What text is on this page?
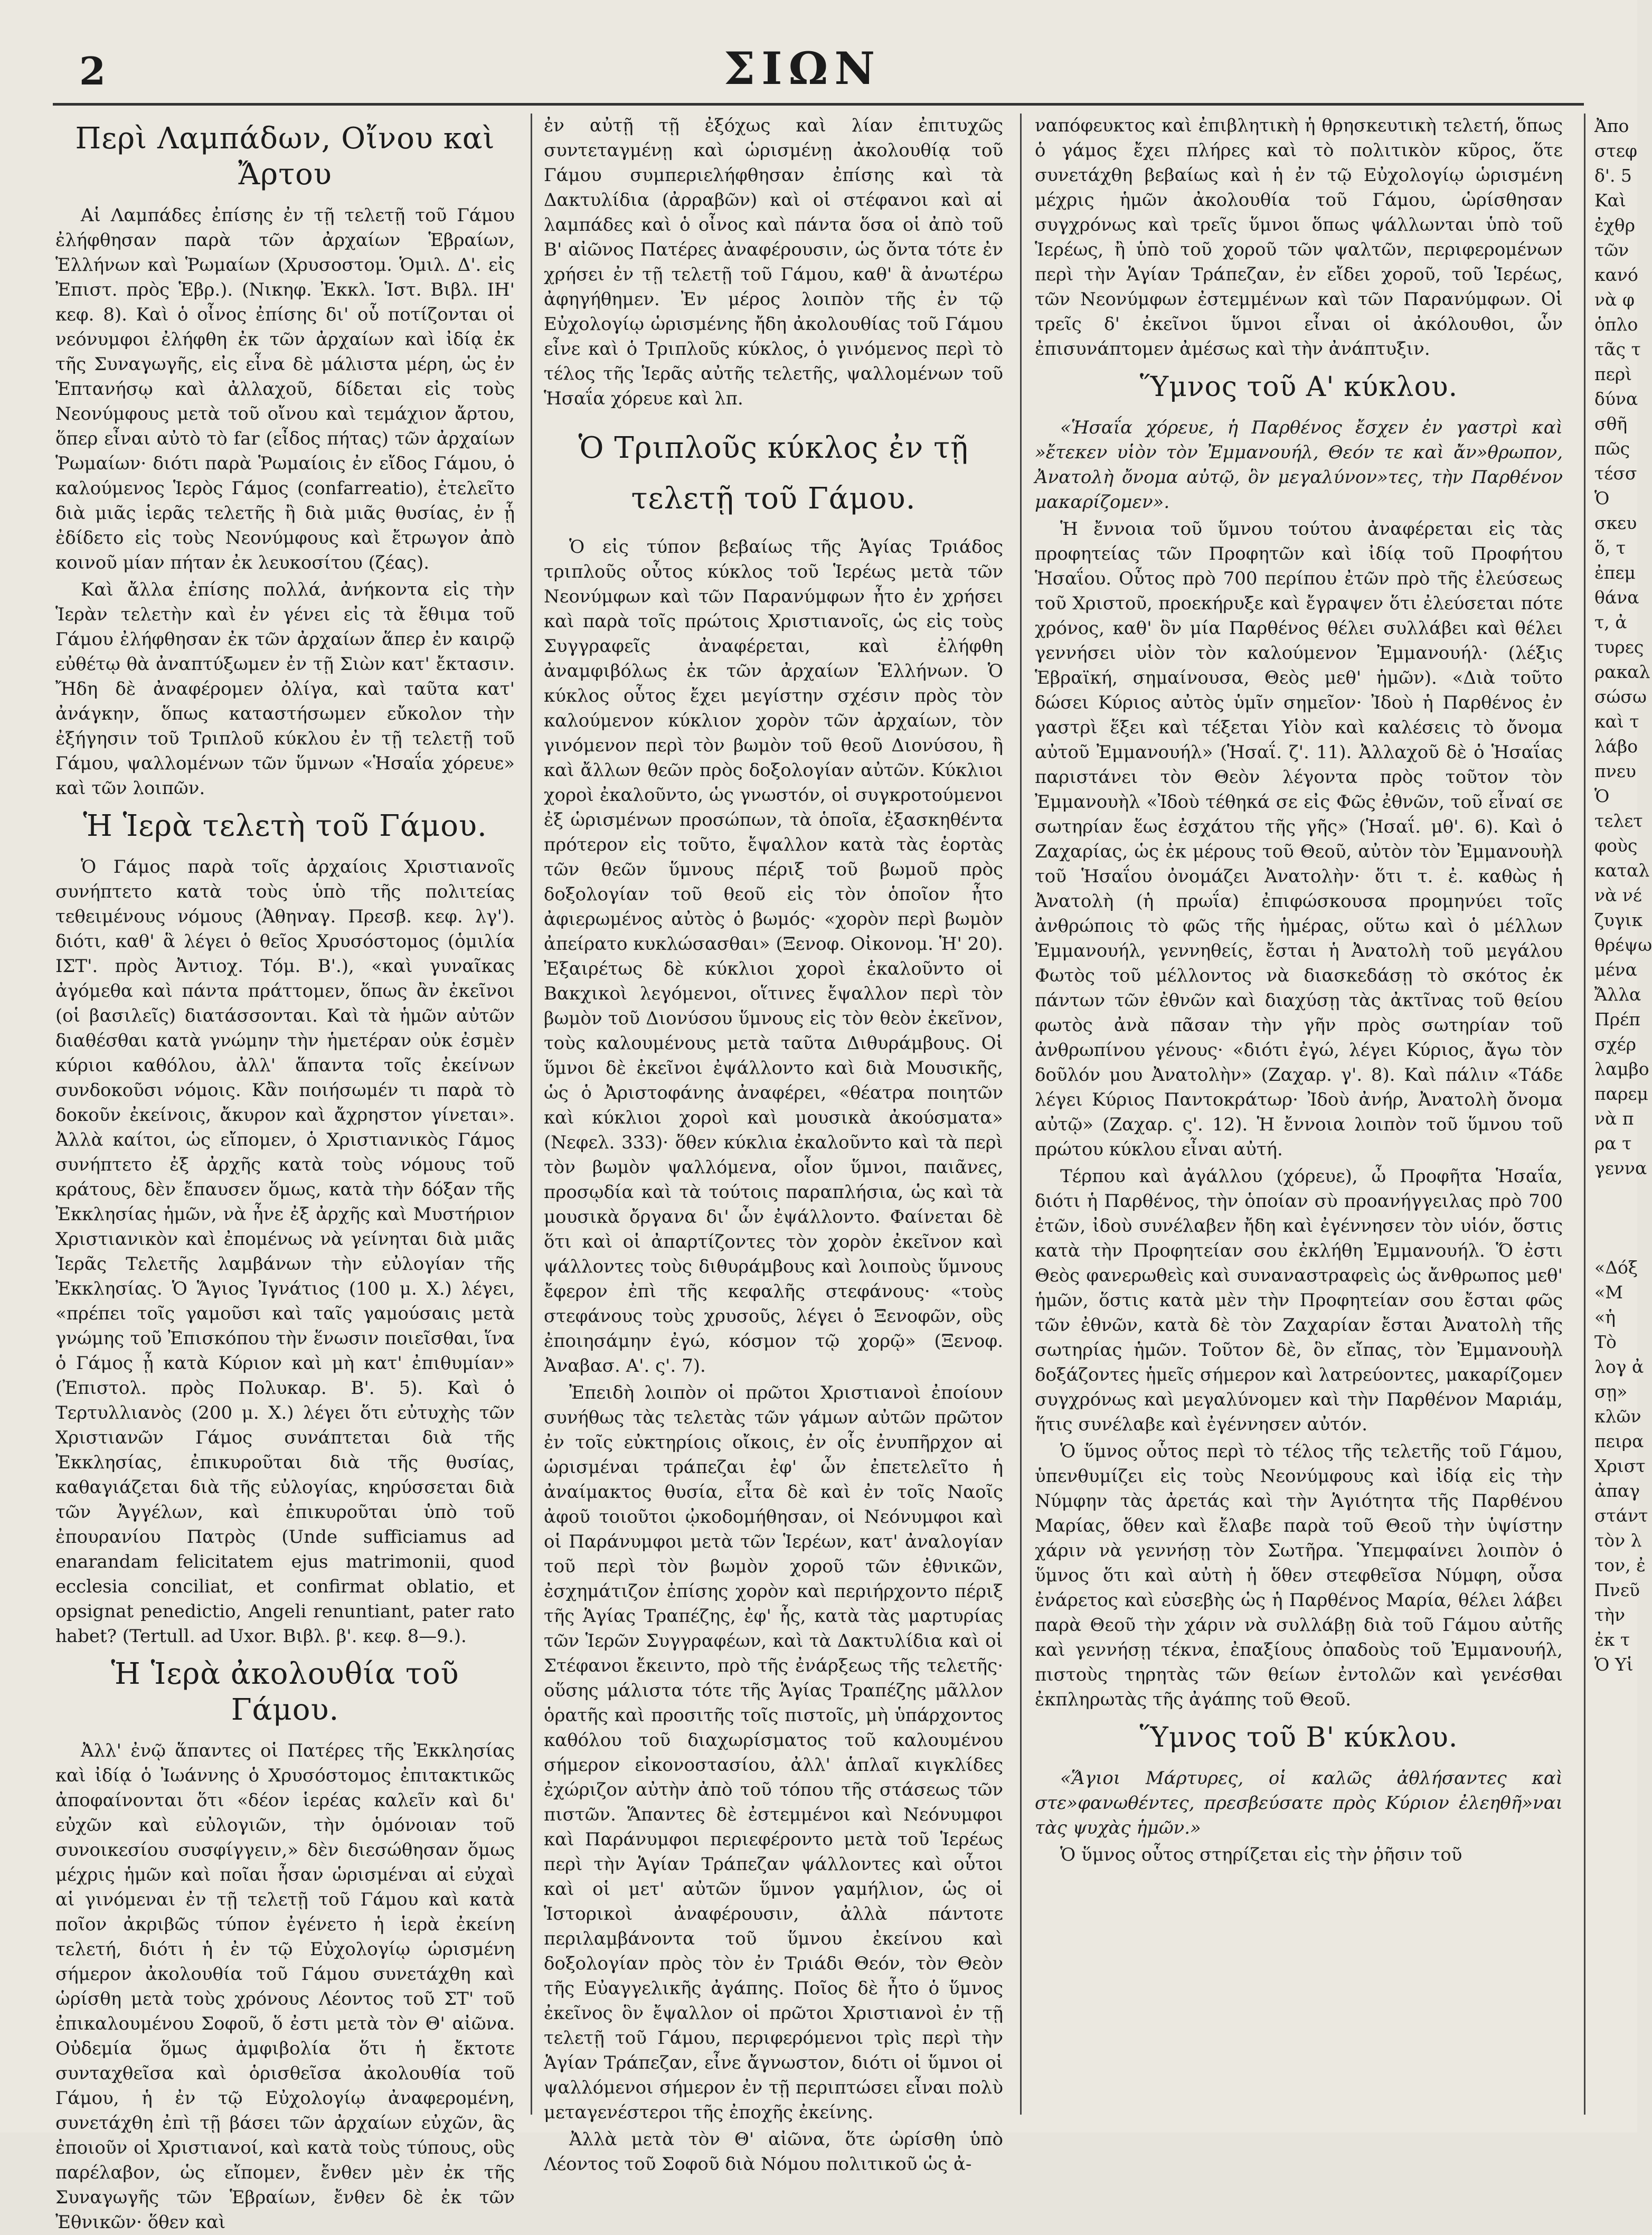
2	ΣΙΩΝ
Περὶ Λαμπάδων, Οἴνου καὶ Ἄρτου

Αἱ Λαμπάδες ἐπίσης ἐν τῇ τελετῇ τοῦ Γάμου ἐλήφθησαν παρὰ τῶν ἀρχαίων Ἑβραίων, Ἑλλήνων καὶ Ῥωμαίων (Χρυσοστομ. Ὁμιλ. Δ'. εἰς Ἐπιστ. πρὸς Ἑβρ.). (Νικηφ. Ἐκκλ. Ἱστ. Βιβλ. ΙΗ' κεφ. 8). Καὶ ὁ οἶνος ἐπίσης δι' οὗ ποτίζονται οἱ νεόνυμφοι ἐλήφθη ἐκ τῶν ἀρχαίων καὶ ἰδίᾳ ἐκ τῆς Συναγωγῆς, εἰς εἶνα δὲ μάλιστα μέρη, ὡς ἐν Ἑπτανήσῳ καὶ ἀλλαχοῦ, δίδεται εἰς τοὺς Νεονύμφους μετὰ τοῦ οἴνου καὶ τεμάχιον ἄρτου, ὅπερ εἶναι αὐτὸ τὸ far (εἶδος πήτας) τῶν ἀρχαίων Ῥωμαίων· διότι παρὰ Ῥωμαίοις ἐν εἴδος Γάμου, ὁ καλούμενος Ἱερὸς Γάμος (confarreatio), ἐτελεῖτο διὰ μιᾶς ἱερᾶς τελετῆς ἢ διὰ μιᾶς θυσίας, ἐν ᾗ ἐδίδετο εἰς τοὺς Νεονύμφους καὶ ἔτρωγον ἀπὸ κοινοῦ μίαν πήταν ἐκ λευκοσίτου (ζέας).

Καὶ ἄλλα ἐπίσης πολλά, ἀνήκοντα εἰς τὴν Ἱερὰν τελετὴν καὶ ἐν γένει εἰς τὰ ἔθιμα τοῦ Γάμου ἐλήφθησαν ἐκ τῶν ἀρχαίων ἅπερ ἐν καιρῷ εὐθέτῳ θὰ ἀναπτύξωμεν ἐν τῇ Σιὼν κατ' ἔκτασιν. Ἤδη δὲ ἀναφέρομεν ὀλίγα, καὶ ταῦτα κατ' ἀνάγκην, ὅπως καταστήσωμεν εὔκολον τὴν ἐξήγησιν τοῦ Τριπλοῦ κύκλου ἐν τῇ τελετῇ τοῦ Γάμου, ψαλλομένων τῶν ὕμνων «Ἡσαΐα χόρευε» καὶ τῶν λοιπῶν.

Ἡ Ἱερὰ τελετὴ τοῦ Γάμου.

Ὁ Γάμος παρὰ τοῖς ἀρχαίοις Χριστιανοῖς συνήπτετο κατὰ τοὺς ὑπὸ τῆς πολιτείας τεθειμένους νόμους (Ἀθηναγ. Πρεσβ. κεφ. λγ'). διότι, καθ' ἃ λέγει ὁ θεῖος Χρυσόστομος (ὁμιλία ΙΣΤ'. πρὸς Ἀντιοχ. Τόμ. Β'.), «καὶ γυναῖκας ἀγόμεθα καὶ πάντα πράττομεν, ὅπως ἂν ἐκεῖνοι (οἱ βασιλεῖς) διατάσσονται. Καὶ τὰ ἡμῶν αὐτῶν διαθέσθαι κατὰ γνώμην τὴν ἡμετέραν οὐκ ἐσμὲν κύριοι καθόλου, ἀλλ' ἅπαντα τοῖς ἐκείνων συνδοκοῦσι νόμοις. Κἂν ποιήσωμέν τι παρὰ τὸ δοκοῦν ἐκείνοις, ἄκυρον καὶ ἄχρηστον γίνεται». Ἀλλὰ καίτοι, ὡς εἴπομεν, ὁ Χριστιανικὸς Γάμος συνήπτετο ἐξ ἀρχῆς κατὰ τοὺς νόμους τοῦ κράτους, δὲν ἔπαυσεν ὅμως, κατὰ τὴν δόξαν τῆς Ἐκκλησίας ἡμῶν, νὰ ἦνε ἐξ ἀρχῆς καὶ Μυστήριον Χριστιανικὸν καὶ ἐπομένως νὰ γείνηται διὰ μιᾶς Ἱερᾶς Τελετῆς λαμβάνων τὴν εὐλογίαν τῆς Ἐκκλησίας. Ὁ Ἅγιος Ἰγνάτιος (100 μ. Χ.) λέγει, «πρέπει τοῖς γαμοῦσι καὶ ταῖς γαμούσαις μετὰ γνώμης τοῦ Ἐπισκόπου τὴν ἕνωσιν ποιεῖσθαι, ἵνα ὁ Γάμος ᾖ κατὰ Κύριον καὶ μὴ κατ' ἐπιθυμίαν» (Ἐπιστολ. πρὸς Πολυκαρ. Β'. 5). Καὶ ὁ Τερτυλλιανὸς (200 μ. Χ.) λέγει ὅτι εὐτυχὴς τῶν Χριστιανῶν Γάμος συνάπτεται διὰ τῆς Ἐκκλησίας, ἐπικυροῦται διὰ τῆς θυσίας, καθαγιάζεται διὰ τῆς εὐλογίας, κηρύσσεται διὰ τῶν Ἀγγέλων, καὶ ἐπικυροῦται ὑπὸ τοῦ ἐπουρανίου Πατρὸς (Unde sufficiamus ad enarandam felicitatem ejus matrimonii, quod ecclesia conciliat, et confirmat oblatio, et opsignat penedictio, Angeli renuntiant, pater rato habet? (Tertull. ad Uxor. Βιβλ. β'. κεφ. 8—9.).

Ἡ Ἱερὰ ἀκολουθία τοῦ Γάμου.

Ἀλλ' ἐνῷ ἅπαντες οἱ Πατέρες τῆς Ἐκκλησίας καὶ ἰδίᾳ ὁ Ἰωάννης ὁ Χρυσόστομος ἐπιτακτικῶς ἀποφαίνονται ὅτι «δέον ἱερέας καλεῖν καὶ δι' εὐχῶν καὶ εὐλογιῶν, τὴν ὁμόνοιαν τοῦ συνοικεσίου συσφίγγειν,» δὲν διεσώθησαν ὅμως μέχρις ἡμῶν καὶ ποῖαι ἦσαν ὡρισμέναι αἱ εὐχαὶ αἱ γινόμεναι ἐν τῇ τελετῇ τοῦ Γάμου καὶ κατὰ ποῖον ἀκριβῶς τύπον ἐγένετο ἡ ἱερὰ ἐκείνη τελετή, διότι ἡ ἐν τῷ Εὐχολογίῳ ὡρισμένη σήμερον ἀκολουθία τοῦ Γάμου συνετάχθη καὶ ὡρίσθη μετὰ τοὺς χρόνους Λέοντος τοῦ ΣΤ' τοῦ ἐπικαλουμένου Σοφοῦ, ὅ ἐστι μετὰ τὸν Θ' αἰῶνα. Οὐδεμία ὅμως ἀμφιβολία ὅτι ἡ ἔκτοτε συνταχθεῖσα καὶ ὁρισθεῖσα ἀκολουθία τοῦ Γάμου, ἡ ἐν τῷ Εὐχολογίῳ ἀναφερομένη, συνετάχθη ἐπὶ τῇ βάσει τῶν ἀρχαίων εὐχῶν, ἃς ἐποιοῦν οἱ Χριστιανοί, καὶ κατὰ τοὺς τύπους, οὓς παρέλαβον, ὡς εἴπομεν, ἔνθεν μὲν ἐκ τῆς Συναγωγῆς τῶν Ἑβραίων, ἔνθεν δὲ ἐκ τῶν Ἐθνικῶν· ὅθεν καὶ

ἐν αὐτῇ τῇ ἐξόχως καὶ λίαν ἐπιτυχῶς συντεταγμένῃ καὶ ὡρισμένῃ ἀκολουθίᾳ τοῦ Γάμου συμπεριελήφθησαν ἐπίσης καὶ τὰ Δακτυλίδια (ἀρραβῶν) καὶ οἱ στέφανοι καὶ αἱ λαμπάδες καὶ ὁ οἶνος καὶ πάντα ὅσα οἱ ἀπὸ τοῦ Β' αἰῶνος Πατέρες ἀναφέρουσιν, ὡς ὄντα τότε ἐν χρήσει ἐν τῇ τελετῇ τοῦ Γάμου, καθ' ἃ ἀνωτέρω ἀφηγήθημεν. Ἐν μέρος λοιπὸν τῆς ἐν τῷ Εὐχολογίῳ ὡρισμένης ἤδη ἀκολουθίας τοῦ Γάμου εἶνε καὶ ὁ Τριπλοῦς κύκλος, ὁ γινόμενος περὶ τὸ τέλος τῆς Ἱερᾶς αὐτῆς τελετῆς, ψαλλομένων τοῦ Ἡσαΐα χόρευε καὶ λπ.

Ὁ Τριπλοῦς κύκλος ἐν τῇ τελετῇ τοῦ Γάμου.

Ὁ εἰς τύπον βεβαίως τῆς Ἁγίας Τριάδος τριπλοῦς οὗτος κύκλος τοῦ Ἱερέως μετὰ τῶν Νεονύμφων καὶ τῶν Παρανύμφων ἦτο ἐν χρήσει καὶ παρὰ τοῖς πρώτοις Χριστιανοῖς, ὡς εἰς τοὺς Συγγραφεῖς ἀναφέρεται, καὶ ἐλήφθη ἀναμφιβόλως ἐκ τῶν ἀρχαίων Ἑλλήνων. Ὁ κύκλος οὗτος ἔχει μεγίστην σχέσιν πρὸς τὸν καλούμενον κύκλιον χορὸν τῶν ἀρχαίων, τὸν γινόμενον περὶ τὸν βωμὸν τοῦ θεοῦ Διονύσου, ἢ καὶ ἄλλων θεῶν πρὸς δοξολογίαν αὐτῶν. Κύκλιοι χοροὶ ἐκαλοῦντο, ὡς γνωστόν, οἱ συγκροτούμενοι ἐξ ὡρισμένων προσώπων, τὰ ὁποῖα, ἐξασκηθέντα πρότερον εἰς τοῦτο, ἔψαλλον κατὰ τὰς ἑορτὰς τῶν θεῶν ὕμνους πέριξ τοῦ βωμοῦ πρὸς δοξολογίαν τοῦ θεοῦ εἰς τὸν ὁποῖον ἦτο ἀφιερωμένος αὐτὸς ὁ βωμός· «χορὸν περὶ βωμὸν ἀπείρατο κυκλώσασθαι» (Ξενοφ. Οἰκονομ. Ἡ' 20). Ἐξαιρέτως δὲ κύκλιοι χοροὶ ἐκαλοῦντο οἱ Βακχικοὶ λεγόμενοι, οἵτινες ἔψαλλον περὶ τὸν βωμὸν τοῦ Διονύσου ὕμνους εἰς τὸν θεὸν ἐκεῖνον, τοὺς καλουμένους μετὰ ταῦτα Διθυράμβους. Οἱ ὕμνοι δὲ ἐκεῖνοι ἐψάλλοντο καὶ διὰ Μουσικῆς, ὡς ὁ Ἀριστοφάνης ἀναφέρει, «θέατρα ποιητῶν καὶ κύκλιοι χοροὶ καὶ μουσικὰ ἀκούσματα» (Νεφελ. 333)· ὅθεν κύκλια ἐκαλοῦντο καὶ τὰ περὶ τὸν βωμὸν ψαλλόμενα, οἷον ὕμνοι, παιᾶνες, προσῳδία καὶ τὰ τούτοις παραπλήσια, ὡς καὶ τὰ μουσικὰ ὄργανα δι' ὧν ἐψάλλοντο. Φαίνεται δὲ ὅτι καὶ οἱ ἀπαρτίζοντες τὸν χορὸν ἐκεῖνον καὶ ψάλλοντες τοὺς διθυράμβους καὶ λοιποὺς ὕμνους ἔφερον ἐπὶ τῆς κεφαλῆς στεφάνους· «τοὺς στεφάνους τοὺς χρυσοῦς, λέγει ὁ Ξενοφῶν, οὓς ἐποιησάμην ἐγώ, κόσμον τῷ χορῷ» (Ξενοφ. Ἀναβασ. Α'. ς'. 7).

Ἐπειδὴ λοιπὸν οἱ πρῶτοι Χριστιανοὶ ἐποίουν συνήθως τὰς τελετὰς τῶν γάμων αὐτῶν πρῶτον ἐν τοῖς εὐκτηρίοις οἴκοις, ἐν οἷς ἐνυπῆρχον αἱ ὡρισμέναι τράπεζαι ἐφ' ὧν ἐπετελεῖτο ἡ ἀναίμακτος θυσία, εἶτα δὲ καὶ ἐν τοῖς Ναοῖς ἀφοῦ τοιοῦτοι ᾠκοδομήθησαν, οἱ Νεόνυμφοι καὶ οἱ Παράνυμφοι μετὰ τῶν Ἱερέων, κατ' ἀναλογίαν τοῦ περὶ τὸν βωμὸν χοροῦ τῶν ἐθνικῶν, ἐσχημάτιζον ἐπίσης χορὸν καὶ περιήρχοντο πέριξ τῆς Ἁγίας Τραπέζης, ἐφ' ἧς, κατὰ τὰς μαρτυρίας τῶν Ἱερῶν Συγγραφέων, καὶ τὰ Δακτυλίδια καὶ οἱ Στέφανοι ἔκειντο, πρὸ τῆς ἐνάρξεως τῆς τελετῆς· οὕσης μάλιστα τότε τῆς Ἁγίας Τραπέζης μᾶλλον ὁρατῆς καὶ προσιτῆς τοῖς πιστοῖς, μὴ ὑπάρχοντος καθόλου τοῦ διαχωρίσματος τοῦ καλουμένου σήμερον εἰκονοστασίου, ἀλλ' ἁπλαῖ κιγκλίδες ἐχώριζον αὐτὴν ἀπὸ τοῦ τόπου τῆς στάσεως τῶν πιστῶν. Ἅπαντες δὲ ἐστεμμένοι καὶ Νεόνυμφοι καὶ Παράνυμφοι περιεφέροντο μετὰ τοῦ Ἱερέως περὶ τὴν Ἁγίαν Τράπεζαν ψάλλοντες καὶ οὗτοι καὶ οἱ μετ' αὐτῶν ὕμνον γαμήλιον, ὡς οἱ Ἱστορικοὶ ἀναφέρουσιν, ἀλλὰ πάντοτε περιλαμβάνοντα τοῦ ὕμνου ἐκείνου καὶ δοξολογίαν πρὸς τὸν ἐν Τριάδι Θεόν, τὸν Θεὸν τῆς Εὐαγγελικῆς ἀγάπης. Ποῖος δὲ ἦτο ὁ ὕμνος ἐκεῖνος ὃν ἔψαλλον οἱ πρῶτοι Χριστιανοὶ ἐν τῇ τελετῇ τοῦ Γάμου, περιφερόμενοι τρὶς περὶ τὴν Ἁγίαν Τράπεζαν, εἶνε ἄγνωστον, διότι οἱ ὕμνοι οἱ ψαλλόμενοι σήμερον ἐν τῇ περιπτώσει εἶναι πολὺ μεταγενέστεροι τῆς ἐποχῆς ἐκείνης.

Ἀλλὰ μετὰ τὸν Θ' αἰῶνα, ὅτε ὡρίσθη ὑπὸ Λέοντος τοῦ Σοφοῦ διὰ Νόμου πολιτικοῦ ὡς ἀ-

ναπόφευκτος καὶ ἐπιβλητικὴ ἡ θρησκευτικὴ τελετή, ὅπως ὁ γάμος ἔχει πλήρες καὶ τὸ πολιτικὸν κῦρος, ὅτε συνετάχθη βεβαίως καὶ ἡ ἐν τῷ Εὐχολογίῳ ὡρισμένη μέχρις ἡμῶν ἀκολουθία τοῦ Γάμου, ὡρίσθησαν συγχρόνως καὶ τρεῖς ὕμνοι ὅπως ψάλλωνται ὑπὸ τοῦ Ἱερέως, ἢ ὑπὸ τοῦ χοροῦ τῶν ψαλτῶν, περιφερομένων περὶ τὴν Ἁγίαν Τράπεζαν, ἐν εἴδει χοροῦ, τοῦ Ἱερέως, τῶν Νεονύμφων ἐστεμμένων καὶ τῶν Παρανύμφων. Οἱ τρεῖς δ' ἐκεῖνοι ὕμνοι εἶναι οἱ ἀκόλουθοι, ὧν ἐπισυνάπτομεν ἀμέσως καὶ τὴν ἀνάπτυξιν.

Ὕμνος τοῦ Α' κύκλου.

«Ἡσαΐα χόρευε, ἡ Παρθένος ἔσχεν ἐν γαστρὶ καὶ »ἔτεκεν υἱὸν τὸν Ἐμμανουήλ, Θεόν τε καὶ ἄν»θρωπον, Ἀνατολὴ ὄνομα αὐτῷ, ὃν μεγαλύνον»τες, τὴν Παρθένον μακαρίζομεν».

Ἡ ἔννοια τοῦ ὕμνου τούτου ἀναφέρεται εἰς τὰς προφητείας τῶν Προφητῶν καὶ ἰδίᾳ τοῦ Προφήτου Ἡσαΐου. Οὗτος πρὸ 700 περίπου ἐτῶν πρὸ τῆς ἐλεύσεως τοῦ Χριστοῦ, προεκήρυξε καὶ ἔγραψεν ὅτι ἐλεύσεται πότε χρόνος, καθ' ὃν μία Παρθένος θέλει συλλάβει καὶ θέλει γεννήσει υἱὸν τὸν καλούμενον Ἐμμανουήλ· (λέξις Ἑβραϊκή, σημαίνουσα, Θεὸς μεθ' ἡμῶν). «Διὰ τοῦτο δώσει Κύριος αὐτὸς ὑμῖν σημεῖον· Ἰδοὺ ἡ Παρθένος ἐν γαστρὶ ἕξει καὶ τέξεται Υἱὸν καὶ καλέσεις τὸ ὄνομα αὐτοῦ Ἐμμανουήλ» (Ἡσαΐ. ζ'. 11). Ἀλλαχοῦ δὲ ὁ Ἡσαΐας παριστάνει τὸν Θεὸν λέγοντα πρὸς τοῦτον τὸν Ἐμμανουὴλ «Ἰδοὺ τέθηκά σε εἰς Φῶς ἐθνῶν, τοῦ εἶναί σε σωτηρίαν ἕως ἐσχάτου τῆς γῆς» (Ἡσαΐ. μθ'. 6). Καὶ ὁ Ζαχαρίας, ὡς ἐκ μέρους τοῦ Θεοῦ, αὐτὸν τὸν Ἐμμανουὴλ τοῦ Ἡσαΐου ὀνομάζει Ἀνατολὴν· ὅτι τ. ἐ. καθὼς ἡ Ἀνατολὴ (ἡ πρωΐα) ἐπιφώσκουσα προμηνύει τοῖς ἀνθρώποις τὸ φῶς τῆς ἡμέρας, οὕτω καὶ ὁ μέλλων Ἐμμανουήλ, γεννηθείς, ἔσται ἡ Ἀνατολὴ τοῦ μεγάλου Φωτὸς τοῦ μέλλοντος νὰ διασκεδάσῃ τὸ σκότος ἐκ πάντων τῶν ἐθνῶν καὶ διαχύσῃ τὰς ἀκτῖνας τοῦ θείου φωτὸς ἀνὰ πᾶσαν τὴν γῆν πρὸς σωτηρίαν τοῦ ἀνθρωπίνου γένους· «διότι ἐγώ, λέγει Κύριος, ἄγω τὸν δοῦλόν μου Ἀνατολὴν» (Ζαχαρ. γ'. 8). Καὶ πάλιν «Τάδε λέγει Κύριος Παντοκράτωρ· Ἰδοὺ ἀνήρ, Ἀνατολὴ ὄνομα αὐτῷ» (Ζαχαρ. ς'. 12). Ἡ ἔννοια λοιπὸν τοῦ ὕμνου τοῦ πρώτου κύκλου εἶναι αὐτή.

Τέρπου καὶ ἀγάλλου (χόρευε), ὦ Προφῆτα Ἡσαΐα, διότι ἡ Παρθένος, τὴν ὁποίαν σὺ προανήγγειλας πρὸ 700 ἐτῶν, ἰδοὺ συνέλαβεν ἤδη καὶ ἐγέννησεν τὸν υἱόν, ὅστις κατὰ τὴν Προφητείαν σου ἐκλήθη Ἐμμανουήλ. Ὅ ἐστι Θεὸς φανερωθεὶς καὶ συναναστραφεὶς ὡς ἄνθρωπος μεθ' ἡμῶν, ὅστις κατὰ μὲν τὴν Προφητείαν σου ἔσται φῶς τῶν ἐθνῶν, κατὰ δὲ τὸν Ζαχαρίαν ἔσται Ἀνατολὴ τῆς σωτηρίας ἡμῶν. Τοῦτον δὲ, ὃν εἴπας, τὸν Ἐμμανουὴλ δοξάζοντες ἡμεῖς σήμερον καὶ λατρεύοντες, μακαρίζομεν συγχρόνως καὶ μεγαλύνομεν καὶ τὴν Παρθένον Μαριάμ, ἥτις συνέλαβε καὶ ἐγέννησεν αὐτόν.

Ὁ ὕμνος οὗτος περὶ τὸ τέλος τῆς τελετῆς τοῦ Γάμου, ὑπενθυμίζει εἰς τοὺς Νεονύμφους καὶ ἰδίᾳ εἰς τὴν Νύμφην τὰς ἀρετάς καὶ τὴν Ἁγιότητα τῆς Παρθένου Μαρίας, ὅθεν καὶ ἔλαβε παρὰ τοῦ Θεοῦ τὴν ὑψίστην χάριν νὰ γεννήσῃ τὸν Σωτῆρα. Ὑπεμφαίνει λοιπὸν ὁ ὕμνος ὅτι καὶ αὐτὴ ἡ ὅθεν στεφθεῖσα Νύμφη, οὖσα ἐνάρετος καὶ εὐσεβὴς ὡς ἡ Παρθένος Μαρία, θέλει λάβει παρὰ Θεοῦ τὴν χάριν νὰ συλλάβῃ διὰ τοῦ Γάμου αὐτῆς καὶ γεννήσῃ τέκνα, ἐπαξίους ὀπαδοὺς τοῦ Ἐμμανουήλ, πιστοὺς τηρητὰς τῶν θείων ἐντολῶν καὶ γενέσθαι ἐκπληρωτὰς τῆς ἀγάπης τοῦ Θεοῦ.

Ὕμνος τοῦ Β' κύκλου.

«Ἅγιοι Μάρτυρες, οἱ καλῶς ἀθλήσαντες καὶ στε»φανωθέντες, πρεσβεύσατε πρὸς Κύριον ἐλεηθῆ»ναι τὰς ψυχὰς ἡμῶν.»

Ὁ ὕμνος οὗτος στηρίζεται εἰς τὴν ῥῆσιν τοῦ

Ἀπο
στεφ
δ'. 5
Καὶ
ἐχθρ
τῶν
κανό
νὰ φ
ὁπλο
τᾶς τ
περὶ
δύνα
σθῆ
πῶς
τέσσ
Ὁ
σκευ
ὅ, τ
ἐπεμ
θάνα
τ, ἀ
τυρες
ρακαλ
σώσω
καὶ τ
λάβο
πνευ
Ὁ
τελετ
φοὺς
καταλ
νὰ νέ
ζυγικ
θρέψω
μένα
Ἄλλα
Πρέπ
σχέρ
λαμβο
παρεμ
νὰ π
ρα τ
γεννα

«Δόξ
«Μ
«ἡ
Τὸ
λογ ἀ
σῃ»
κλῶν
πειρα
Χριστ
ἀπαγ
στάντ
τὸν λ
τον, ἐ
Πνεῦ
τὴν
ἐκ τ
Ὁ Υἱ
